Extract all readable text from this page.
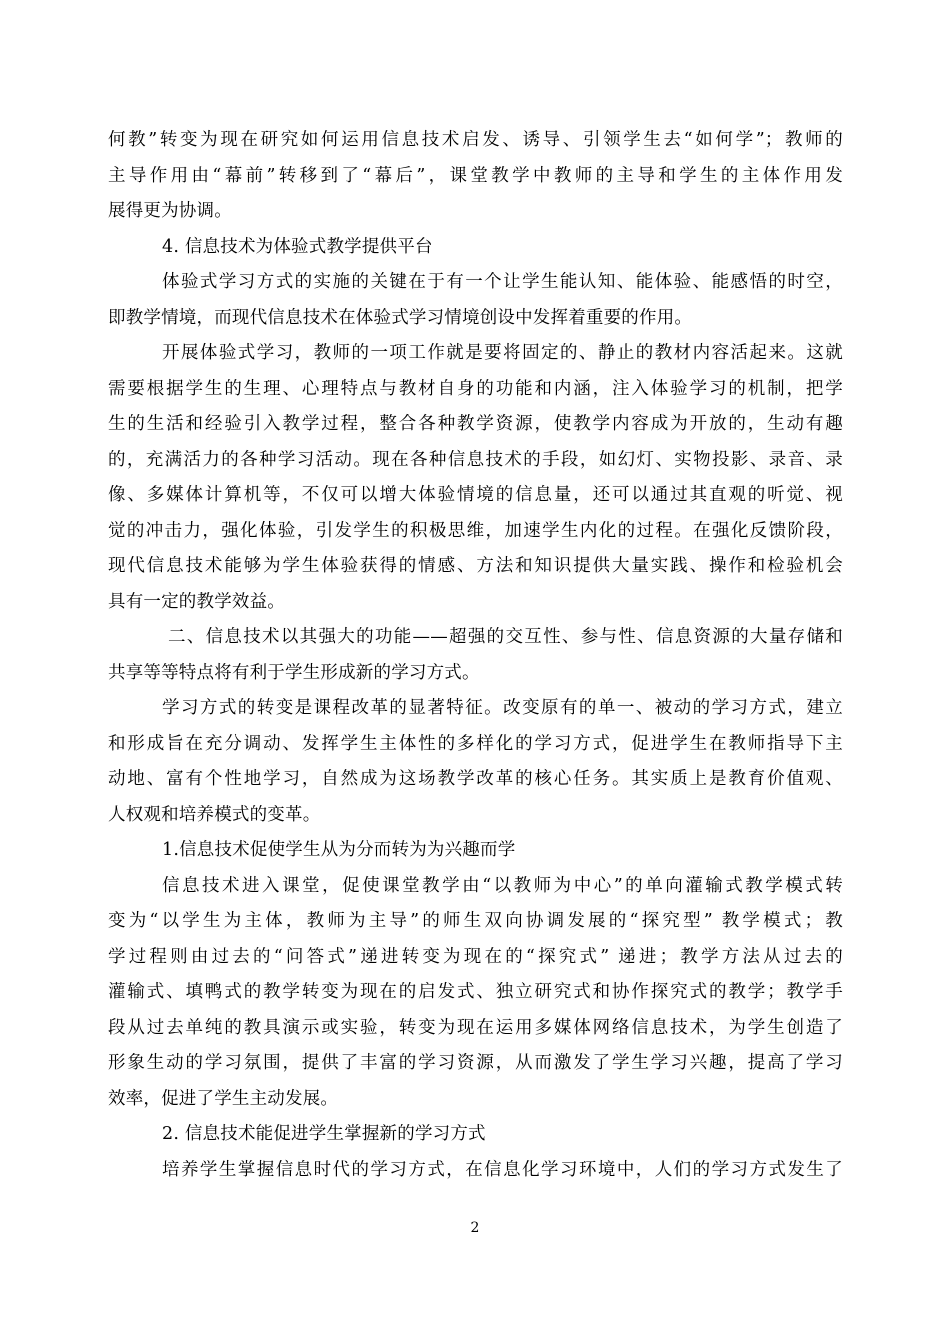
何教”转变为现在研究如何运用信息技术启发、诱导、引领学生去“如何学”；教师的
主导作用由“幕前”转移到了“幕后”，课堂教学中教师的主导和学生的主体作用发
展得更为协调。
4. 信息技术为体验式教学提供平台
体验式学习方式的实施的关键在于有一个让学生能认知、能体验、能感悟的时空，
即教学情境，而现代信息技术在体验式学习情境创设中发挥着重要的作用。
开展体验式学习，教师的一项工作就是要将固定的、静止的教材内容活起来。这就
需要根据学生的生理、心理特点与教材自身的功能和内涵，注入体验学习的机制，把学
生的生活和经验引入教学过程，整合各种教学资源，使教学内容成为开放的，生动有趣
的，充满活力的各种学习活动。现在各种信息技术的手段，如幻灯、实物投影、录音、录
像、多媒体计算机等，不仅可以增大体验情境的信息量，还可以通过其直观的听觉、视
觉的冲击力，强化体验，引发学生的积极思维，加速学生内化的过程。在强化反馈阶段，
现代信息技术能够为学生体验获得的情感、方法和知识提供大量实践、操作和检验机会
具有一定的教学效益。
二、信息技术以其强大的功能——超强的交互性、参与性、信息资源的大量存储和
共享等等特点将有利于学生形成新的学习方式。
学习方式的转变是课程改革的显著特征。改变原有的单一、被动的学习方式，建立
和形成旨在充分调动、发挥学生主体性的多样化的学习方式，促进学生在教师指导下主
动地、富有个性地学习，自然成为这场教学改革的核心任务。其实质上是教育价值观、
人权观和培养模式的变革。
1.信息技术促使学生从为分而转为为兴趣而学
信息技术进入课堂，促使课堂教学由“以教师为中心”的单向灌输式教学模式转
变为“以学生为主体，教师为主导”的师生双向协调发展的“探究型” 教学模式；教
学过程则由过去的“问答式”递进转变为现在的“探究式” 递进；教学方法从过去的
灌输式、填鸭式的教学转变为现在的启发式、独立研究式和协作探究式的教学；教学手
段从过去单纯的教具演示或实验，转变为现在运用多媒体网络信息技术，为学生创造了
形象生动的学习氛围，提供了丰富的学习资源，从而激发了学生学习兴趣，提高了学习
效率，促进了学生主动发展。
2. 信息技术能促进学生掌握新的学习方式
培养学生掌握信息时代的学习方式，在信息化学习环境中，人们的学习方式发生了
2
